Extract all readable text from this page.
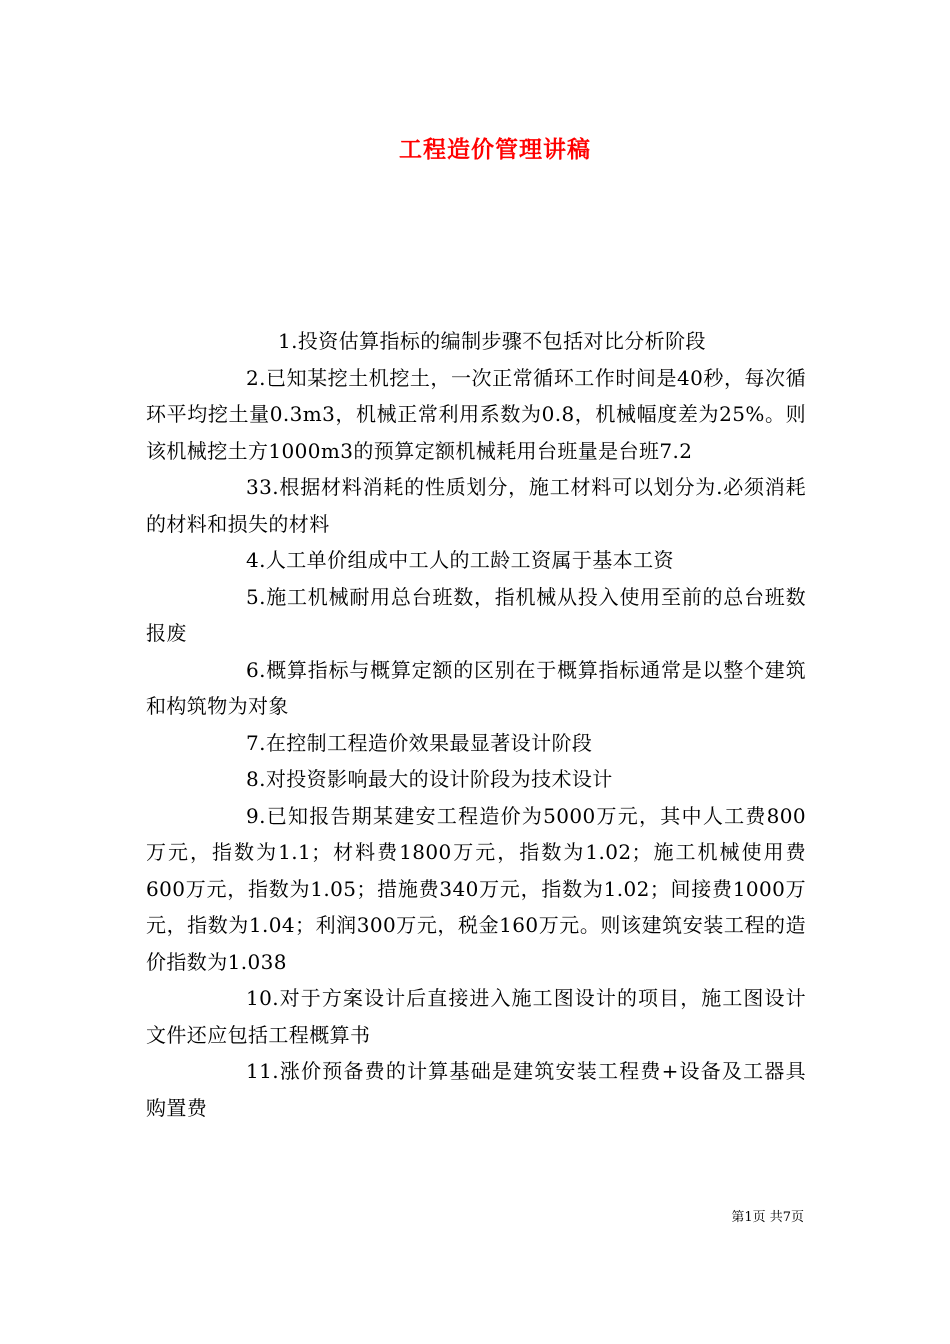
工程造价管理讲稿

1.投资估算指标的编制步骤不包括对比分析阶段

2.已知某挖土机挖土，一次正常循环工作时间是40秒，每次循环平均挖土量0.3m3，机械正常利用系数为0.8，机械幅度差为25%。则该机械挖土方1000m3的预算定额机械耗用台班量是台班7.2

33.根据材料消耗的性质划分，施工材料可以划分为.必须消耗的材料和损失的材料

4.人工单价组成中工人的工龄工资属于基本工资

5.施工机械耐用总台班数，指机械从投入使用至前的总台班数报废

6.概算指标与概算定额的区别在于概算指标通常是以整个建筑和构筑物为对象

7.在控制工程造价效果最显著设计阶段

8.对投资影响最大的设计阶段为技术设计

9.已知报告期某建安工程造价为5000万元，其中人工费800万元，指数为1.1；材料费1800万元，指数为1.02；施工机械使用费600万元，指数为1.05；措施费340万元，指数为1.02；间接费1000万元，指数为1.04；利润300万元，税金160万元。则该建筑安装工程的造价指数为1.038

10.对于方案设计后直接进入施工图设计的项目，施工图设计文件还应包括工程概算书

11.涨价预备费的计算基础是建筑安装工程费+设备及工器具购置费

第1页 共7页
